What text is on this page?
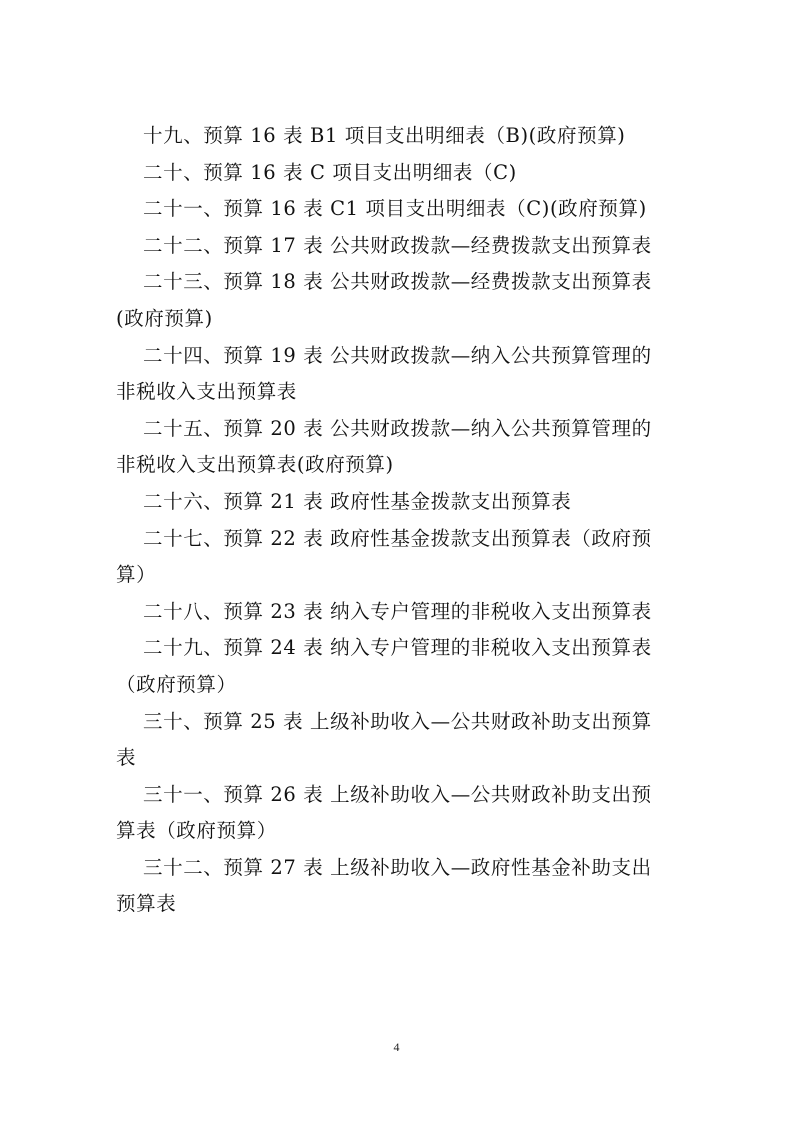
十九、预算 16 表 B1 项目支出明细表（B)(政府预算)
二十、预算 16 表 C 项目支出明细表（C)
二十一、预算 16 表 C1 项目支出明细表（C)(政府预算)
二十二、预算 17 表 公共财政拨款—经费拨款支出预算表
二十三、预算 18 表 公共财政拨款—经费拨款支出预算表
(政府预算)
二十四、预算 19 表 公共财政拨款—纳入公共预算管理的
非税收入支出预算表
二十五、预算 20 表 公共财政拨款—纳入公共预算管理的
非税收入支出预算表(政府预算)
二十六、预算 21 表 政府性基金拨款支出预算表
二十七、预算 22 表 政府性基金拨款支出预算表（政府预
算）
二十八、预算 23 表 纳入专户管理的非税收入支出预算表
二十九、预算 24 表 纳入专户管理的非税收入支出预算表
（政府预算）
三十、预算 25 表 上级补助收入—公共财政补助支出预算
表
三十一、预算 26 表 上级补助收入—公共财政补助支出预
算表（政府预算）
三十二、预算 27 表 上级补助收入—政府性基金补助支出
预算表
4
